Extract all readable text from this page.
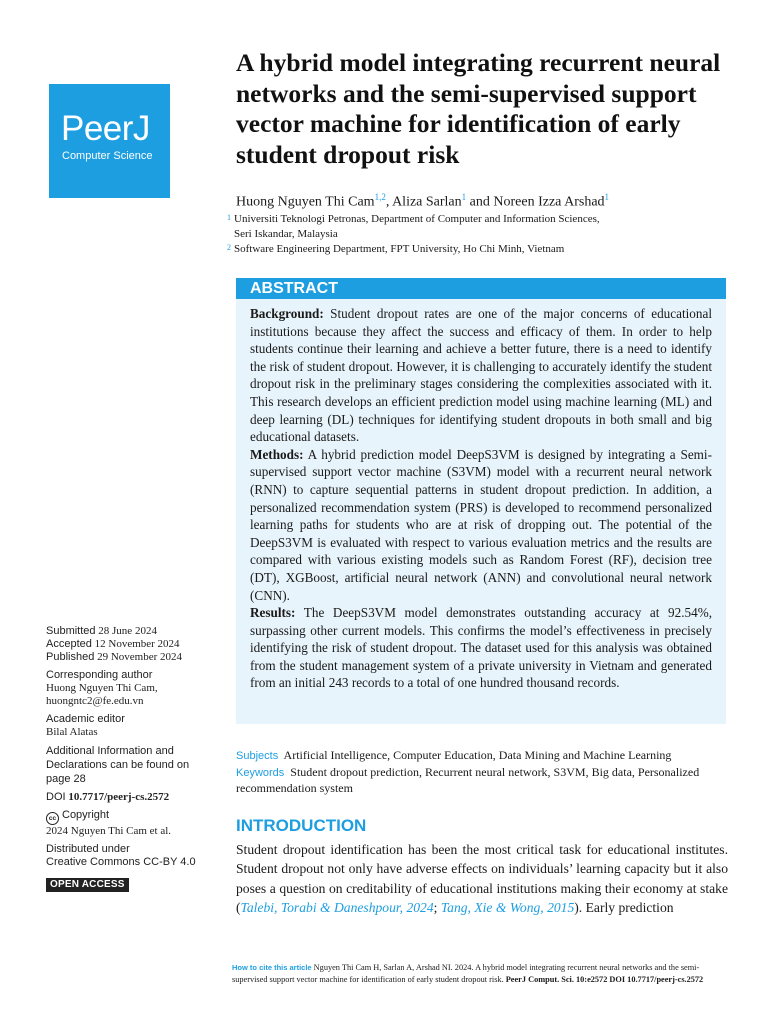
PeerJ
Computer Science
A hybrid model integrating recurrent neural networks and the semi-supervised support vector machine for identification of early student dropout risk
Huong Nguyen Thi Cam$^{1,2}$, Aliza Sarlan$^1$ and Noreen Izza Arshad$^1$
1 Universiti Teknologi Petronas, Department of Computer and Information Sciences,
Seri Iskandar, Malaysia
2 Software Engineering Department, FPT University, Ho Chi Minh, Vietnam
ABSTRACT

Background: Student dropout rates are one of the major concerns of educational institutions because they affect the success and efficacy of them. In order to help students continue their learning and achieve a better future, there is a need to identify the risk of student dropout. However, it is challenging to accurately identify the student dropout risk in the preliminary stages considering the complexities associated with it. This research develops an efficient prediction model using machine learning (ML) and deep learning (DL) techniques for identifying student dropouts in both small and big educational datasets.

Methods: A hybrid prediction model DeepS3VM is designed by integrating a Semi-supervised support vector machine (S3VM) model with a recurrent neural network (RNN) to capture sequential patterns in student dropout prediction. In addition, a personalized recommendation system (PRS) is developed to recommend personalized learning paths for students who are at risk of dropping out. The potential of the DeepS3VM is evaluated with respect to various evaluation metrics and the results are compared with various existing models such as Random Forest (RF), decision tree (DT), XGBoost, artificial neural network (ANN) and convolutional neural network (CNN).

Results: The DeepS3VM model demonstrates outstanding accuracy at 92.54%, surpassing other current models. This confirms the model’s effectiveness in precisely identifying the risk of student dropout. The dataset used for this analysis was obtained from the student management system of a private university in Vietnam and generated from an initial 243 records to a total of one hundred thousand records.

Subjects Artificial Intelligence, Computer Education, Data Mining and Machine Learning
Keywords Student dropout prediction, Recurrent neural network, S3VM, Big data, Personalized recommendation system
INTRODUCTION

Student dropout identification has been the most critical task for educational institutes. Student dropout not only have adverse effects on individuals’ learning capacity but it also poses a question on creditability of educational institutions making their economy at stake (Talebi, Torabi & Daneshpour, 2024; Tang, Xie & Wong, 2015). Early prediction

Submitted 28 June 2024
Accepted 12 November 2024
Published 29 November 2024
Corresponding author
Huong Nguyen Thi Cam,
huongntc2@fe.edu.vn
Academic editor
Bilal Alatas
Additional Information and Declarations can be found on page 28
DOI 10.7717/peerj-cs.2572
cc Copyright
2024 Nguyen Thi Cam et al.
Distributed under
Creative Commons CC-BY 4.0
OPEN ACCESS
How to cite this article Nguyen Thi Cam H, Sarlan A, Arshad NI. 2024. A hybrid model integrating recurrent neural networks and the semi-supervised support vector machine for identification of early student dropout risk. PeerJ Comput. Sci. 10:e2572 DOI 10.7717/peerj-cs.2572
